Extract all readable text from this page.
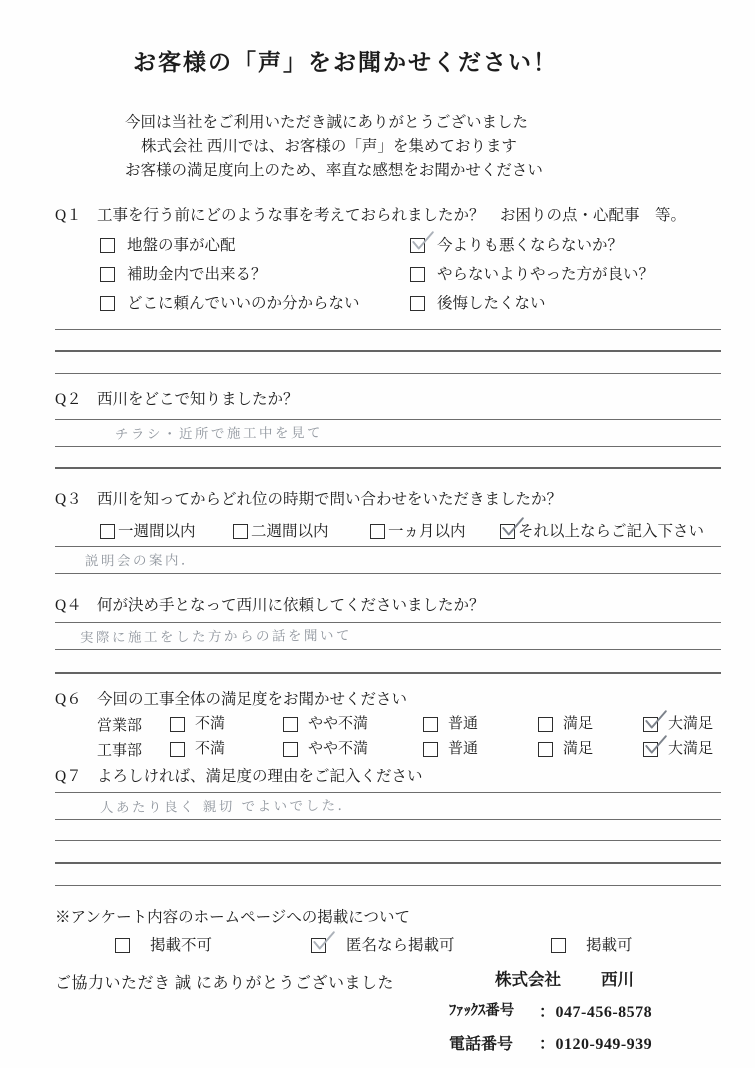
お客様の「声」をお聞かせください！
今回は当社をご利用いただき誠にありがとうございました
株式会社 西川では、お客様の「声」を集めております
お客様の満足度向上のため、率直な感想をお聞かせください
Q１ 工事を行う前にどのような事を考えておられましたか？　お困りの点・心配事　等。
地盤の事が心配
補助金内で出来る？
どこに頼んでいいのか分からない
今よりも悪くならないか？
やらないよりやった方が良い？
後悔したくない
Q２ 西川をどこで知りましたか？
チラシ・近所で施工中を見て
Q３ 西川を知ってからどれ位の時期で問い合わせをいただきましたか？
一週間以内	二週間以内	一ヵ月以内	それ以上ならご記入下さい
説明会の案内．
Q４ 何が決め手となって西川に依頼してくださいましたか？
実際に施工をした方からの話を聞いて
Q６ 今回の工事全体の満足度をお聞かせください
営業部	不満	やや不満	普通	満足	大満足
工事部	不満	やや不満	普通	満足	大満足
Q７ よろしければ、満足度の理由をご記入ください
人あたり良く 親切 でよいでした．
※アンケート内容のホームページへの掲載について
掲載不可	匿名なら掲載可	掲載可
ご協力いただき 誠 にありがとうございました	株式会社 西川
ﾌｧｯｸｽ番号	：047-456-8578
電話番号	：0120-949-939
